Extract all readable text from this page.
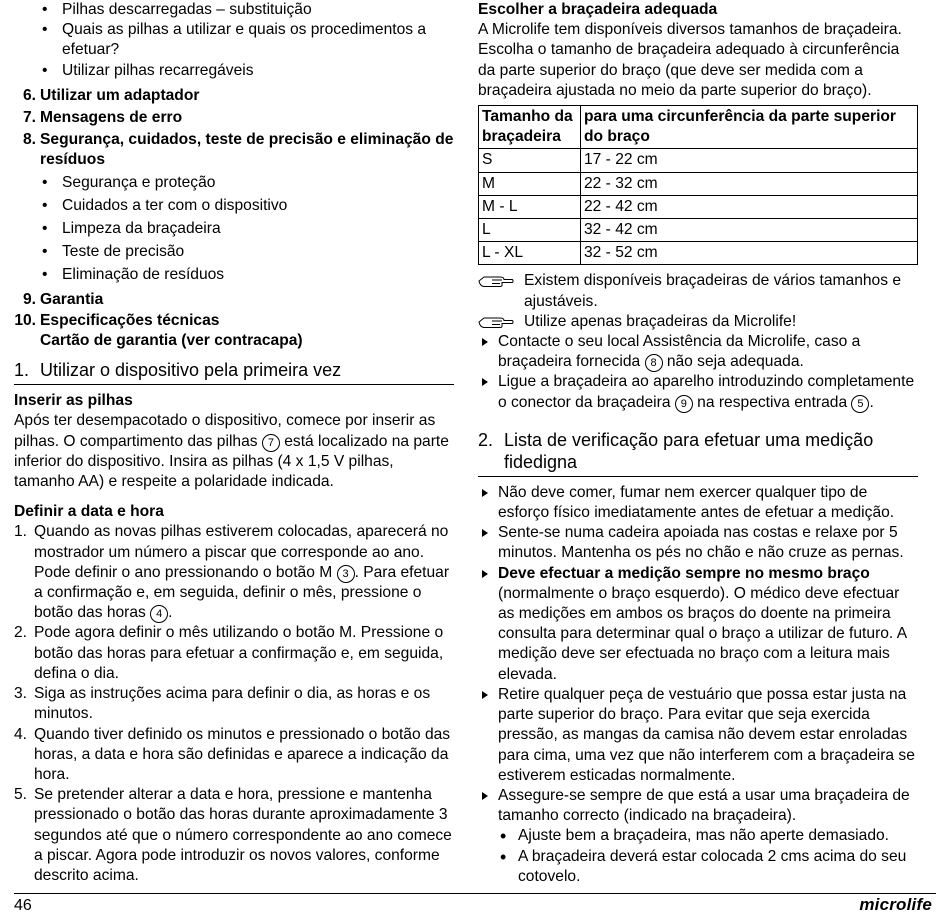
• Pilhas descarregadas – substituição
• Quais as pilhas a utilizar e quais os procedimentos a efetuar?
• Utilizar pilhas recarregáveis
6. Utilizar um adaptador
7. Mensagens de erro
8. Segurança, cuidados, teste de precisão e eliminação de resíduos
• Segurança e proteção
• Cuidados a ter com o dispositivo
• Limpeza da braçadeira
• Teste de precisão
• Eliminação de resíduos
9. Garantia
10. Especificações técnicas
Cartão de garantia (ver contracapa)
1. Utilizar o dispositivo pela primeira vez
Inserir as pilhas

Após ter desempacotado o dispositivo, comece por inserir as pilhas. O compartimento das pilhas 7 está localizado na parte inferior do dispositivo. Insira as pilhas (4 x 1,5 V pilhas, tamanho AA) e respeite a polaridade indicada.

Definir a data e hora
1. Quando as novas pilhas estiverem colocadas, aparecerá no mostrador um número a piscar que corresponde ao ano. Pode definir o ano pressionando o botão M 3 . Para efetuar a confirmação e, em seguida, definir o mês, pressione o botão das horas 4 .
2. Pode agora definir o mês utilizando o botão M. Pressione o botão das horas para efetuar a confirmação e, em seguida, defina o dia.
3. Siga as instruções acima para definir o dia, as horas e os minutos.
4. Quando tiver definido os minutos e pressionado o botão das horas, a data e hora são definidas e aparece a indicação da hora.
5. Se pretender alterar a data e hora, pressione e mantenha pressionado o botão das horas durante aproximadamente 3 segundos até que o número correspondente ao ano comece a piscar. Agora pode introduzir os novos valores, conforme descrito acima.
Escolher a braçadeira adequada

A Microlife tem disponíveis diversos tamanhos de braçadeira. Escolha o tamanho de braçadeira adequado à circunferência da parte superior do braço (que deve ser medida com a braçadeira ajustada no meio da parte superior do braço).

Tamanho da braçadeira	para uma circunferência da parte superior do braço
S	17 - 22 cm
M	22 - 32 cm
M - L	22 - 42 cm
L	32 - 42 cm
L - XL	32 - 52 cm
Existem disponíveis braçadeiras de vários tamanhos e ajustáveis.
Utilize apenas braçadeiras da Microlife!
Contacte o seu local Assistência da Microlife, caso a braçadeira fornecida 8 não seja adequada.
Ligue a braçadeira ao aparelho introduzindo completamente o conector da braçadeira 9 na respectiva entrada 5 .
2. Lista de verificação para efetuar uma medição fidedigna
Não deve comer, fumar nem exercer qualquer tipo de esforço físico imediatamente antes de efetuar a medição.
Sente-se numa cadeira apoiada nas costas e relaxe por 5 minutos. Mantenha os pés no chão e não cruze as pernas.
Deve efectuar a medição sempre no mesmo braço (normalmente o braço esquerdo). O médico deve efectuar as medições em ambos os braços do doente na primeira consulta para determinar qual o braço a utilizar de futuro. A medição deve ser efectuada no braço com a leitura mais elevada.
Retire qualquer peça de vestuário que possa estar justa na parte superior do braço. Para evitar que seja exercida pressão, as mangas da camisa não devem estar enroladas para cima, uma vez que não interferem com a braçadeira se estiverem esticadas normalmente.
Assegure-se sempre de que está a usar uma braçadeira de tamanho correcto (indicado na braçadeira).
• Ajuste bem a braçadeira, mas não aperte demasiado.
• A braçadeira deverá estar colocada 2 cms acima do seu cotovelo.
46	microlife
